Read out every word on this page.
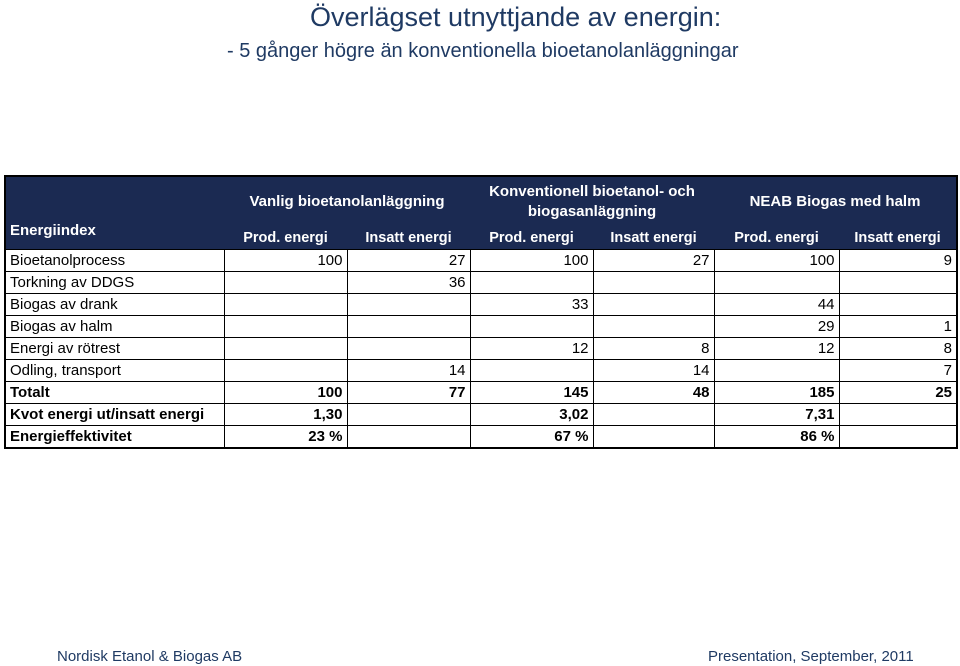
Överlägset utnyttjande av energin:
- 5 gånger högre än konventionella bioetanolanläggningar
Energiindex	Vanlig bioetanolanläggning		Konventionell bioetanol- och biogasanläggning		NEAB Biogas med halm	
	Prod. energi	Insatt energi	Prod. energi	Insatt energi	Prod. energi	Insatt energi
Bioetanolprocess	100	27	100	27	100	9
Torkning av DDGS		36				
Biogas av drank			33		44	
Biogas av halm					29	1
Energi av rötrest			12	8	12	8
Odling, transport		14		14		7
Totalt	100	77	145	48	185	25
Kvot energi ut/insatt energi	1,30		3,02		7,31	
Energieffektivitet	23 %		67 %		86 %	
Nordisk Etanol & Biogas AB	Presentation, September, 2011
